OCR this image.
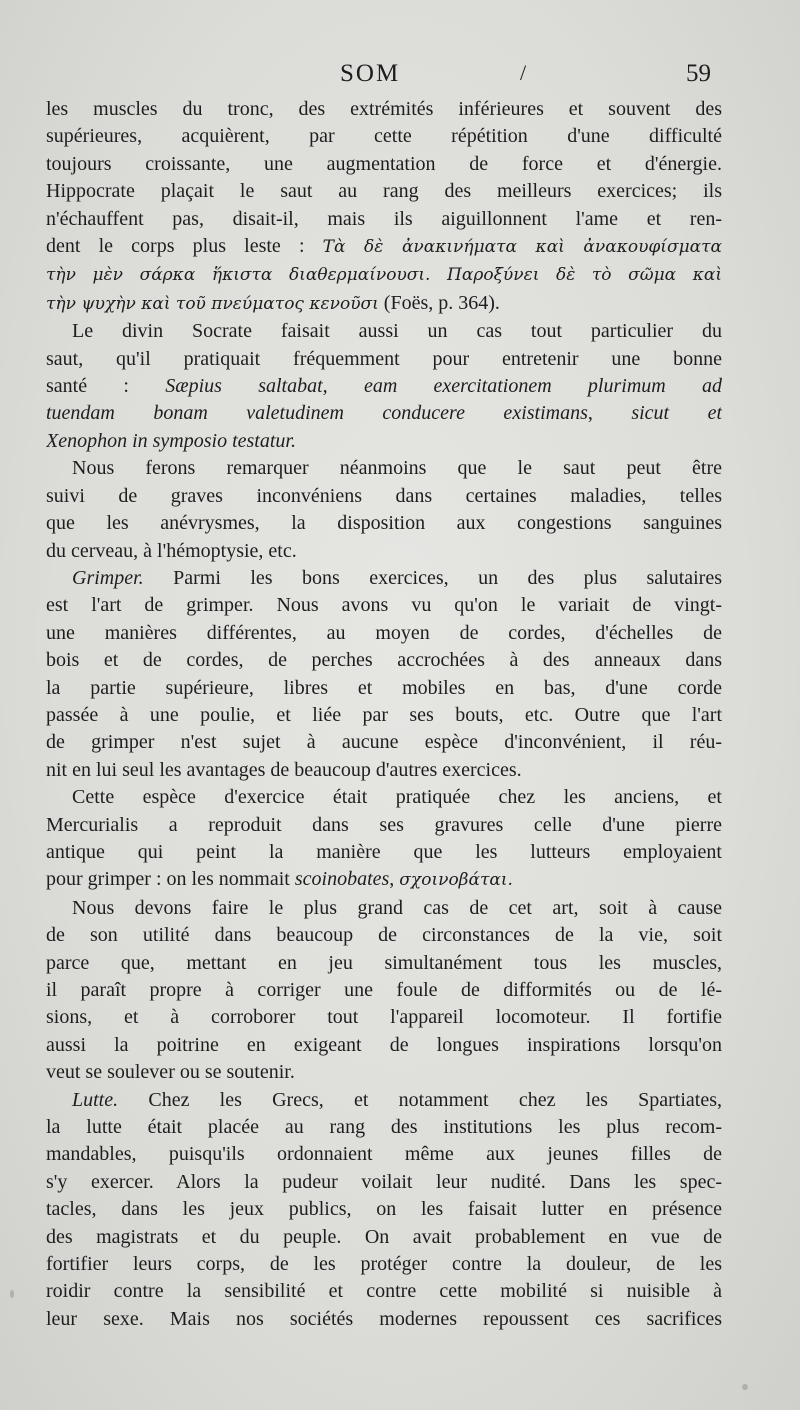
SOM	/	59
les muscles du tronc, des extrémités inférieures et souvent des
supérieures, acquièrent, par cette répétition d'une difficulté
toujours croissante, une augmentation de force et d'énergie.
Hippocrate plaçait le saut au rang des meilleurs exercices; ils
n'échauffent pas, disait-il, mais ils aiguillonnent l'ame et ren-
dent le corps plus leste : Τὰ δὲ ἀνακινήματα καὶ ἀνακουφίσματα
τὴν μὲν σάρκα ἥκιστα διαθερμαίνουσι. Παροξύνει δὲ τὸ σῶμα καὶ
τὴν ψυχὴν καὶ τοῦ πνεύματος κενοῦσι (Foës, p. 364).
Le divin Socrate faisait aussi un cas tout particulier du
saut, qu'il pratiquait fréquemment pour entretenir une bonne
santé : Sæpius saltabat, eam exercitationem plurimum ad
tuendam bonam valetudinem conducere existimans, sicut et
Xenophon in symposio testatur.
Nous ferons remarquer néanmoins que le saut peut être
suivi de graves inconvéniens dans certaines maladies, telles
que les anévrysmes, la disposition aux congestions sanguines
du cerveau, à l'hémoptysie, etc.
Grimper. Parmi les bons exercices, un des plus salutaires
est l'art de grimper. Nous avons vu qu'on le variait de vingt-
une manières différentes, au moyen de cordes, d'échelles de
bois et de cordes, de perches accrochées à des anneaux dans
la partie supérieure, libres et mobiles en bas, d'une corde
passée à une poulie, et liée par ses bouts, etc. Outre que l'art
de grimper n'est sujet à aucune espèce d'inconvénient, il réu-
nit en lui seul les avantages de beaucoup d'autres exercices.
Cette espèce d'exercice était pratiquée chez les anciens, et
Mercurialis a reproduit dans ses gravures celle d'une pierre
antique qui peint la manière que les lutteurs employaient
pour grimper : on les nommait scoinobates, σχοινοβάται.
Nous devons faire le plus grand cas de cet art, soit à cause
de son utilité dans beaucoup de circonstances de la vie, soit
parce que, mettant en jeu simultanément tous les muscles,
il paraît propre à corriger une foule de difformités ou de lé-
sions, et à corroborer tout l'appareil locomoteur. Il fortifie
aussi la poitrine en exigeant de longues inspirations lorsqu'on
veut se soulever ou se soutenir.
Lutte. Chez les Grecs, et notamment chez les Spartiates,
la lutte était placée au rang des institutions les plus recom-
mandables, puisqu'ils ordonnaient même aux jeunes filles de
s'y exercer. Alors la pudeur voilait leur nudité. Dans les spec-
tacles, dans les jeux publics, on les faisait lutter en présence
des magistrats et du peuple. On avait probablement en vue de
fortifier leurs corps, de les protéger contre la douleur, de les
roidir contre la sensibilité et contre cette mobilité si nuisible à
leur sexe. Mais nos sociétés modernes repoussent ces sacrifices
